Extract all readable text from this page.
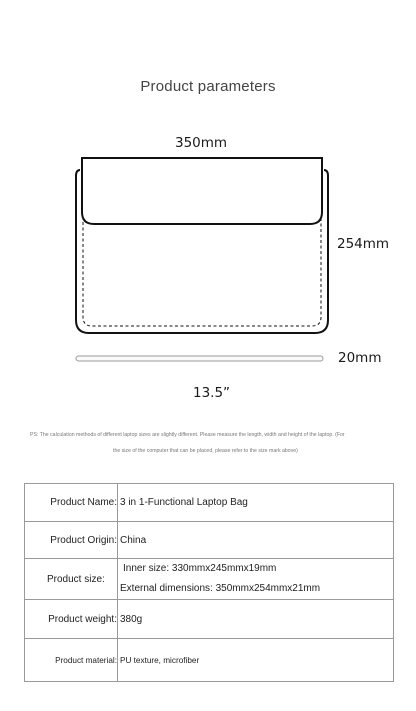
Product parameters
350mm
254mm
20mm
13.5”
PS: The calculation methods of different laptop sizes are slightly different. Please measure the length, width and height of the laptop. (For
the size of the computer that can be placed, please refer to the size mark above)
Product Name:	3 in 1-Functional Laptop Bag
Product Origin:	China
Product size:	Inner size: 330mmx245mmx19mm
External dimensions: 350mmx254mmx21mm

Product weight:	380g
Product material:	PU texture, microfiber
